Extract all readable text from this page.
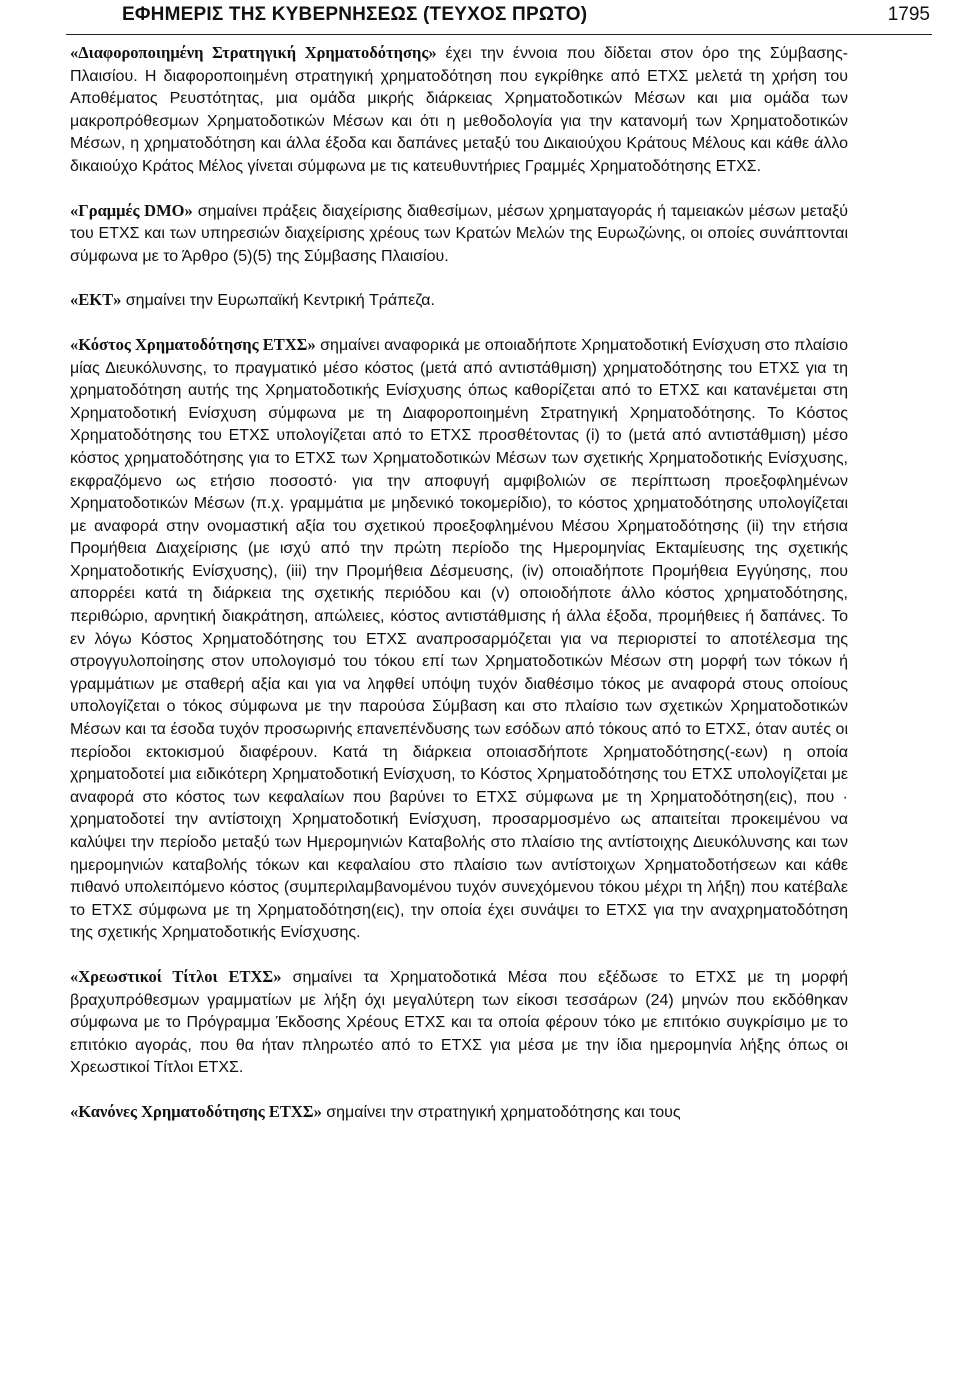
ΕΦΗΜΕΡΙΣ ΤΗΣ ΚΥΒΕΡΝΗΣΕΩΣ (ΤΕΥΧΟΣ ΠΡΩΤΟ)	1795

«Διαφοροποιημένη Στρατηγική Χρηματοδότησης» έχει την έννοια που δίδεται στον όρο της Σύμβασης-Πλαισίου. Η διαφοροποιημένη στρατηγική χρηματοδότηση που εγκρίθηκε από ΕΤΧΣ μελετά τη χρήση του Αποθέματος Ρευστότητας, μια ομάδα μικρής διάρκειας Χρηματοδοτικών Μέσων και μια ομάδα των μακροπρόθεσμων Χρηματοδοτικών Μέσων και ότι η μεθοδολογία για την κατανομή των Χρηματοδοτικών Μέσων, η χρηματοδότηση και άλλα έξοδα και δαπάνες μεταξύ του Δικαιούχου Κράτους Μέλους και κάθε άλλο δικαιούχο Κράτος Μέλος γίνεται σύμφωνα με τις κατευθυντήριες Γραμμές Χρηματοδότησης ΕΤΧΣ.

«Γραμμές DMO» σημαίνει πράξεις διαχείρισης διαθεσίμων, μέσων χρηματαγοράς ή ταμειακών μέσων μεταξύ του ΕΤΧΣ και των υπηρεσιών διαχείρισης χρέους των Κρατών Μελών της Ευρωζώνης, οι οποίες συνάπτονται σύμφωνα με το Άρθρο (5)(5) της Σύμβασης Πλαισίου.

«ΕΚΤ» σημαίνει την Ευρωπαϊκή Κεντρική Τράπεζα.

«Κόστος Χρηματοδότησης ΕΤΧΣ» σημαίνει αναφορικά με οποιαδήποτε Χρηματοδοτική Ενίσχυση στο πλαίσιο μίας Διευκόλυνσης, το πραγματικό μέσο κόστος (μετά από αντιστάθμιση) χρηματοδότησης του ΕΤΧΣ για τη χρηματοδότηση αυτής της Χρηματοδοτικής Ενίσχυσης όπως καθορίζεται από το ΕΤΧΣ και κατανέμεται στη Χρηματοδοτική Ενίσχυση σύμφωνα με τη Διαφοροποιημένη Στρατηγική Χρηματοδότησης. Το Κόστος Χρηματοδότησης του ΕΤΧΣ υπολογίζεται από το ΕΤΧΣ προσθέτοντας (i) το (μετά από αντιστάθμιση) μέσο κόστος χρηματοδότησης για το ΕΤΧΣ των Χρηματοδοτικών Μέσων των σχετικής Χρηματοδοτικής Ενίσχυσης, εκφραζόμενο ως ετήσιο ποσοστό· για την αποφυγή αμφιβολιών σε περίπτωση προεξοφλημένων Χρηματοδοτικών Μέσων (π.χ. γραμμάτια με μηδενικό τοκομερίδιο), το κόστος χρηματοδότησης υπολογίζεται με αναφορά στην ονομαστική αξία του σχετικού προεξοφλημένου Μέσου Χρηματοδότησης (ii) την ετήσια Προμήθεια Διαχείρισης (με ισχύ από την πρώτη περίοδο της Ημερομηνίας Εκταμίευσης της σχετικής Χρηματοδοτικής Ενίσχυσης), (iii) την Προμήθεια Δέσμευσης, (iv) οποιαδήποτε Προμήθεια Εγγύησης, που απορρέει κατά τη διάρκεια της σχετικής περιόδου και (v) οποιοδήποτε άλλο κόστος χρηματοδότησης, περιθώριο, αρνητική διακράτηση, απώλειες, κόστος αντιστάθμισης ή άλλα έξοδα, προμήθειες ή δαπάνες. Το εν λόγω Κόστος Χρηματοδότησης του ΕΤΧΣ αναπροσαρμόζεται για να περιοριστεί το αποτέλεσμα της στρογγυλοποίησης στον υπολογισμό του τόκου επί των Χρηματοδοτικών Μέσων στη μορφή των τόκων ή γραμμάτιων με σταθερή αξία και για να ληφθεί υπόψη τυχόν διαθέσιμο τόκος με αναφορά στους οποίους υπολογίζεται ο τόκος σύμφωνα με την παρούσα Σύμβαση και στο πλαίσιο των σχετικών Χρηματοδοτικών Μέσων και τα έσοδα τυχόν προσωρινής επανεπένδυσης των εσόδων από τόκους από το ΕΤΧΣ, όταν αυτές οι περίοδοι εκτοκισμού διαφέρουν. Κατά τη διάρκεια οποιασδήποτε Χρηματοδότησης(-εων) η οποία χρηματοδοτεί μια ειδικότερη Χρηματοδοτική Ενίσχυση, το Κόστος Χρηματοδότησης του ΕΤΧΣ υπολογίζεται με αναφορά στο κόστος των κεφαλαίων που βαρύνει το ΕΤΧΣ σύμφωνα με τη Χρηματοδότηση(εις), που · χρηματοδοτεί την αντίστοιχη Χρηματοδοτική Ενίσχυση, προσαρμοσμένο ως απαιτείται προκειμένου να καλύψει την περίοδο μεταξύ των Ημερομηνιών Καταβολής στο πλαίσιο της αντίστοιχης Διευκόλυνσης και των ημερομηνιών καταβολής τόκων και κεφαλαίου στο πλαίσιο των αντίστοιχων Χρηματοδοτήσεων και κάθε πιθανό υπολειπόμενο κόστος (συμπεριλαμβανομένου τυχόν συνεχόμενου τόκου μέχρι τη λήξη) που κατέβαλε το ΕΤΧΣ σύμφωνα με τη Χρηματοδότηση(εις), την οποία έχει συνάψει το ΕΤΧΣ για την αναχρηματοδότηση της σχετικής Χρηματοδοτικής Ενίσχυσης.

«Χρεωστικοί Τίτλοι ΕΤΧΣ» σημαίνει τα Χρηματοδοτικά Μέσα που εξέδωσε το ΕΤΧΣ με τη μορφή βραχυπρόθεσμων γραμματίων με λήξη όχι μεγαλύτερη των είκοσι τεσσάρων (24) μηνών που εκδόθηκαν σύμφωνα με το Πρόγραμμα Έκδοσης Χρέους ΕΤΧΣ και τα οποία φέρουν τόκο με επιτόκιο συγκρίσιμο με το επιτόκιο αγοράς, που θα ήταν πληρωτέο από το ΕΤΧΣ για μέσα με την ίδια ημερομηνία λήξης όπως οι Χρεωστικοί Τίτλοι ΕΤΧΣ.

«Κανόνες Χρηματοδότησης ΕΤΧΣ» σημαίνει την στρατηγική χρηματοδότησης και τους
